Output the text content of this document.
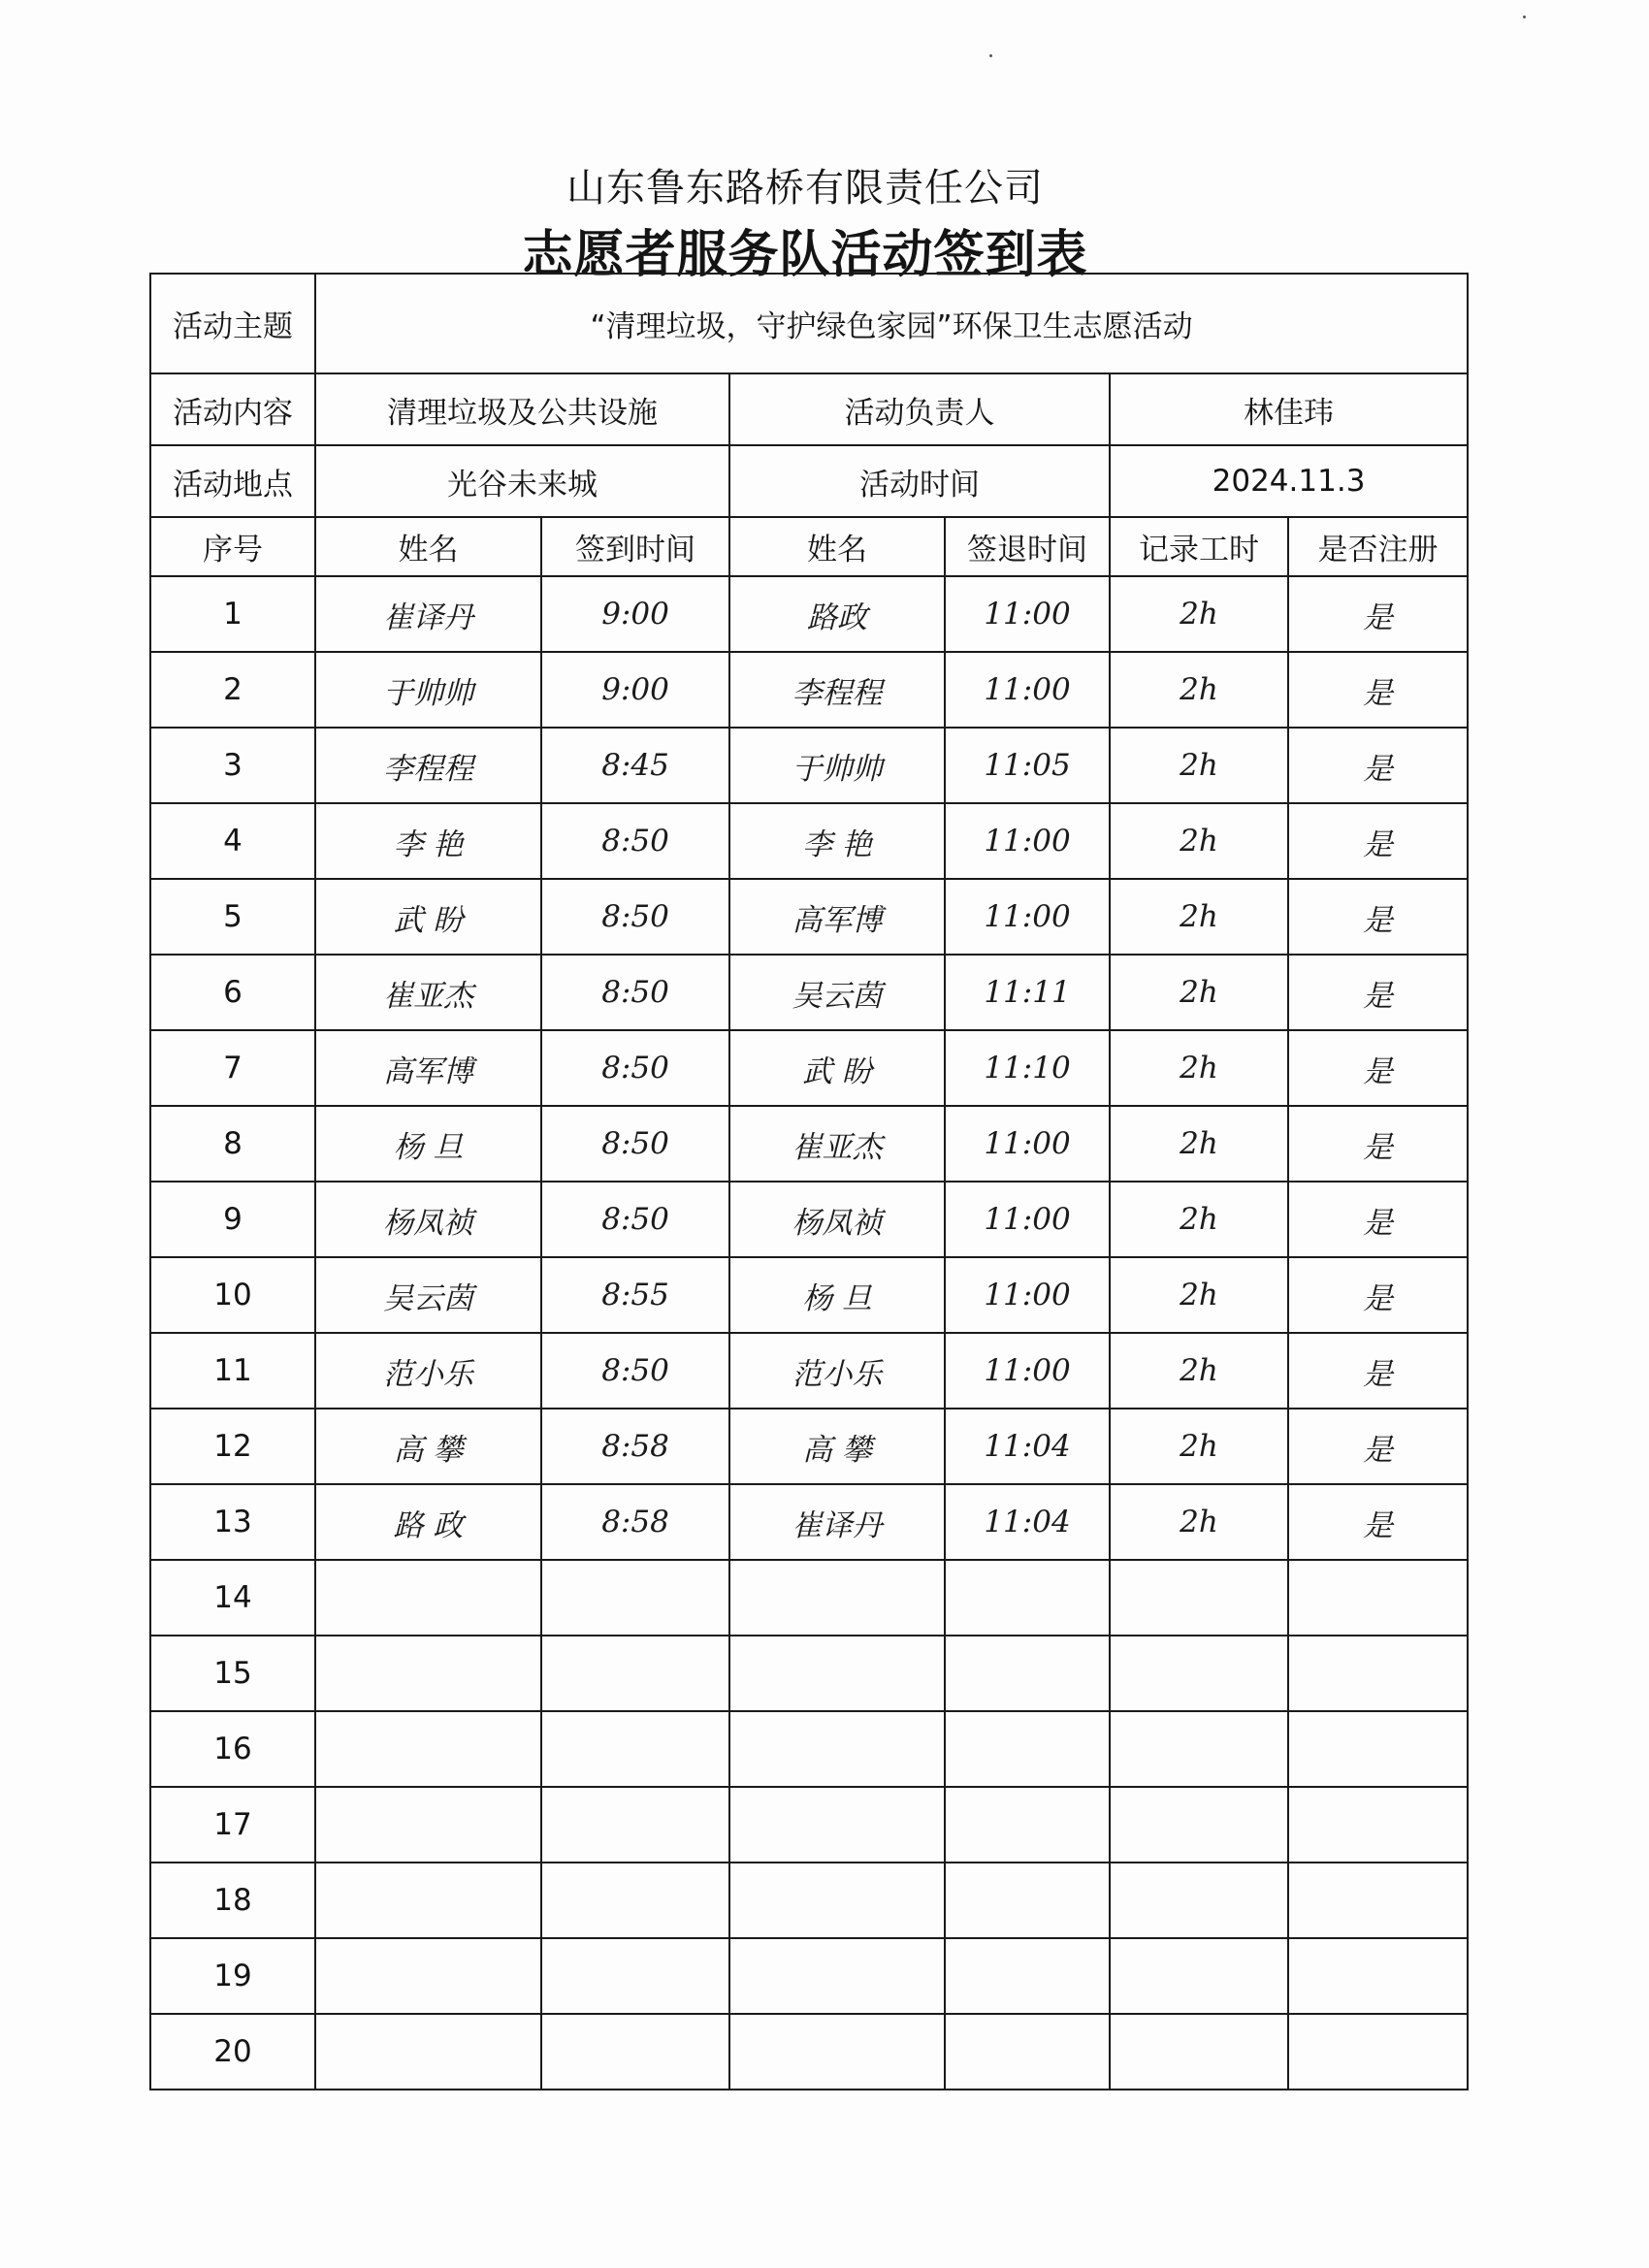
山东鲁东路桥有限责任公司
志愿者服务队活动签到表
活动主题	“清理垃圾，守护绿色家园”环保卫生志愿活动					
活动内容	清理垃圾及公共设施		活动负责人		林佳玮	
活动地点	光谷未来城		活动时间		2024.11.3	
序号	姓名	签到时间	姓名	签退时间	记录工时	是否注册
1	崔译丹	9:00	路政	11:00	2h	是
2	于帅帅	9:00	李程程	11:00	2h	是
3	李程程	8:45	于帅帅	11:05	2h	是
4	李 艳	8:50	李 艳	11:00	2h	是
5	武 盼	8:50	高军博	11:00	2h	是
6	崔亚杰	8:50	吴云茵	11:11	2h	是
7	高军博	8:50	武 盼	11:10	2h	是
8	杨 旦	8:50	崔亚杰	11:00	2h	是
9	杨凤祯	8:50	杨凤祯	11:00	2h	是
10	吴云茵	8:55	杨 旦	11:00	2h	是
11	范小乐	8:50	范小乐	11:00	2h	是
12	高 攀	8:58	高 攀	11:04	2h	是
13	路 政	8:58	崔译丹	11:04	2h	是
14						
15						
16						
17						
18						
19						
20						
